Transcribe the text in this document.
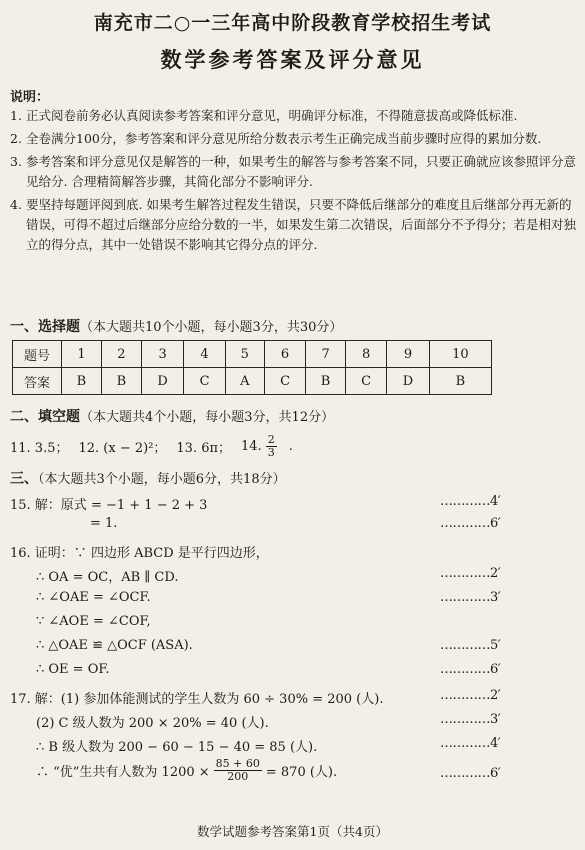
南充市二○一三年高中阶段教育学校招生考试
数学参考答案及评分意见
说明：
1. 正式阅卷前务必认真阅读参考答案和评分意见，明确评分标准，不得随意拔高或降低标准.
2. 全卷满分100分，参考答案和评分意见所给分数表示考生正确完成当前步骤时应得的累加分数.
3. 参考答案和评分意见仅是解答的一种，如果考生的解答与参考答案不同，只要正确就应该参照评分意见给分. 合理精简解答步骤，其简化部分不影响评分.
4. 要坚持每题评阅到底. 如果考生解答过程发生错误，只要不降低后继部分的难度且后继部分再无新的错误，可得不超过后继部分应给分数的一半，如果发生第二次错误，后面部分不予得分；若是相对独立的得分点，其中一处错误不影响其它得分点的评分.
一、选择题（本大题共10个小题，每小题3分，共30分）
题号	1	2	3	4	5	6	7	8	9	10
答案	B	B	D	C	A	C	B	C	D	B
二、填空题（本大题共4个小题，每小题3分，共12分）
11. 3.5； 12. (x − 2)²； 13. 6π； 14. $\frac{2}{3}$ .
三、（本大题共3个小题，每小题6分，共18分）
15. 解：原式 = −1 + 1 − 2 + 3	…………4′
= 1.	…………6′
16. 证明：∵ 四边形 ABCD 是平行四边形，
∴ OA = OC，AB ∥ CD.	…………2′
∴ ∠OAE = ∠OCF.	…………3′
∵ ∠AOE = ∠COF,
∴ △OAE ≌ △OCF (ASA).	…………5′
∴ OE = OF.	…………6′
17. 解：(1) 参加体能测试的学生人数为 60 ÷ 30% = 200 (人).	…………2′
(2) C 级人数为 200 × 20% = 40 (人).	…………3′
∴ B 级人数为 200 − 60 − 15 − 40 = 85 (人).	…………4′
∴ “优”生共有人数为 $1200 \times \frac{85 + 60}{200} = 870$ (人).	…………6′
数学试题参考答案第1页（共4页）
